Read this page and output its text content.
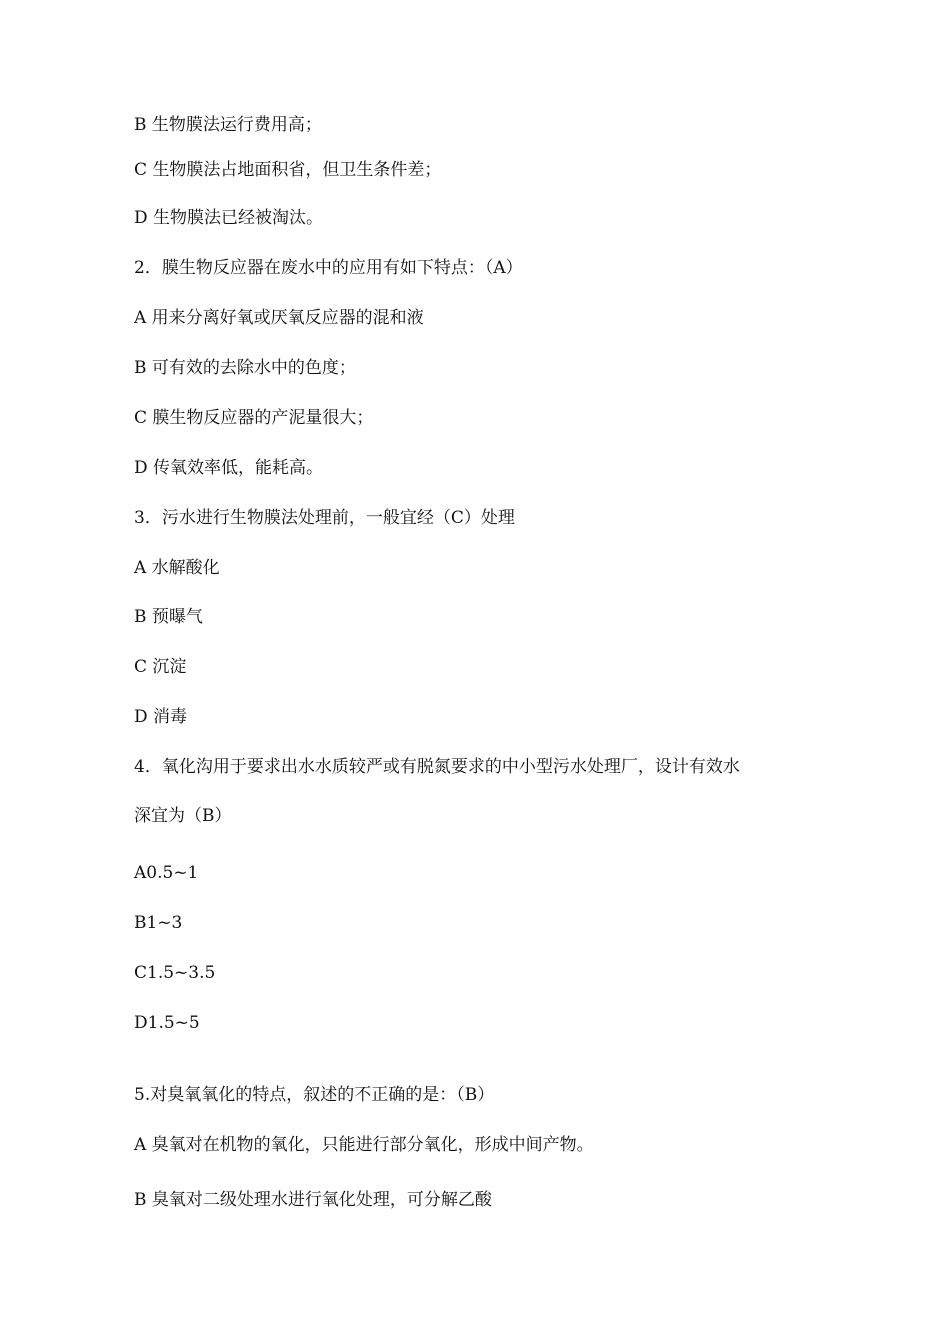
B 生物膜法运行费用高；
C 生物膜法占地面积省，但卫生条件差；
D 生物膜法已经被淘汰。
2．膜生物反应器在废水中的应用有如下特点：（A）
A 用来分离好氧或厌氧反应器的混和液
B 可有效的去除水中的色度；
C 膜生物反应器的产泥量很大；
D 传氧效率低，能耗高。
3．污水进行生物膜法处理前，一般宜经（C）处理
A 水解酸化
B 预曝气
C 沉淀
D 消毒
4．氧化沟用于要求出水水质较严或有脱氮要求的中小型污水处理厂，设计有效水
深宜为（B）
A0.5~1
B1~3
C1.5~3.5
D1.5~5
5.对臭氧氧化的特点，叙述的不正确的是：（B）
A 臭氧对在机物的氧化，只能进行部分氧化，形成中间产物。
B 臭氧对二级处理水进行氧化处理，可分解乙酸
